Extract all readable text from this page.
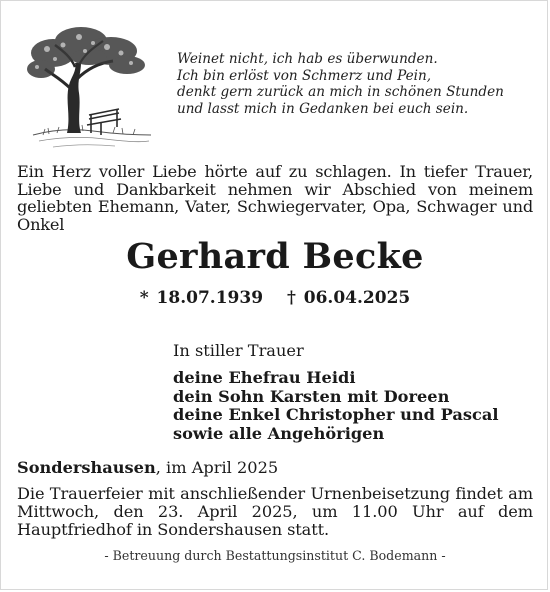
Weinet nicht, ich hab es überwunden.
Ich bin erlöst von Schmerz und Pein,
denkt gern zurück an mich in schönen Stunden
und lasst mich in Gedanken bei euch sein.
Ein Herz voller Liebe hörte auf zu schlagen. In tiefer Trauer, Liebe und Dankbarkeit nehmen wir Abschied von meinem geliebten Ehemann, Vater, Schwiegervater, Opa, Schwager und Onkel
Gerhard Becke
* 18.07.1939 † 06.04.2025
In stiller Trauer
deine Ehefrau Heidi
dein Sohn Karsten mit Doreen
deine Enkel Christopher und Pascal
sowie alle Angehörigen
Sondershausen, im April 2025
Die Trauerfeier mit anschließender Urnenbeisetzung findet am Mittwoch, den 23. April 2025, um 11.00 Uhr auf dem Hauptfriedhof in Sondershausen statt.
- Betreuung durch Bestattungsinstitut C. Bodemann -
